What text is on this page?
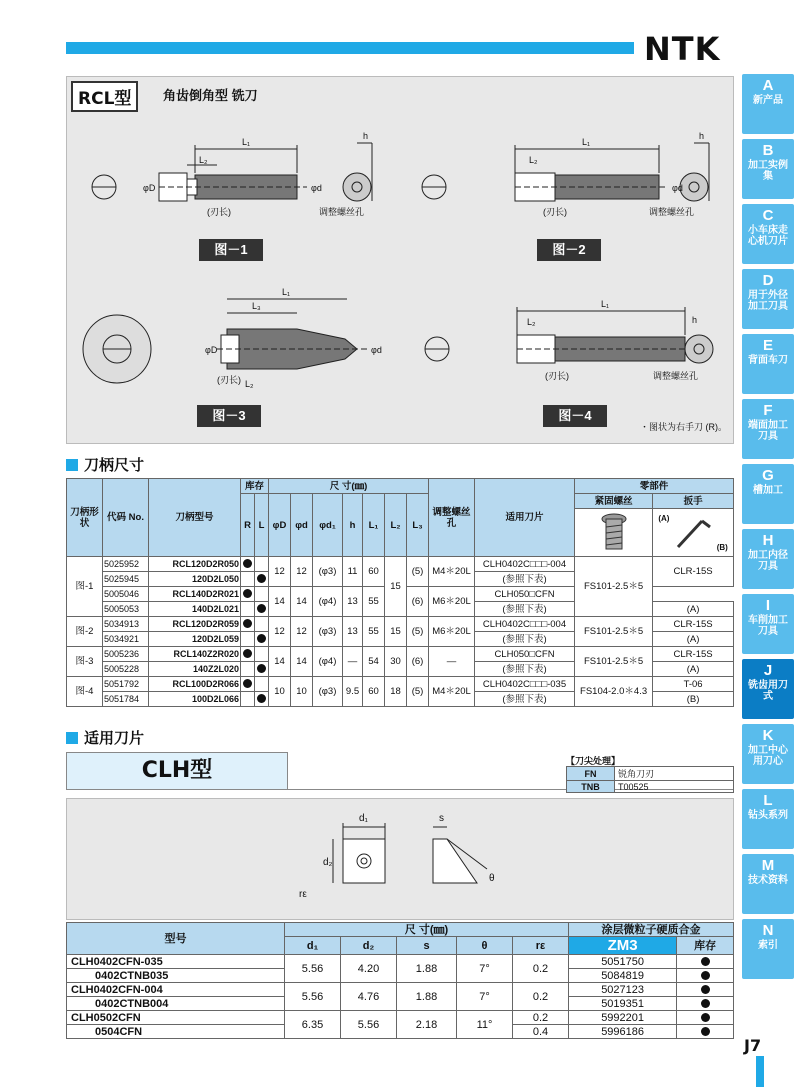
NTK
A
新产品
B
加工实例集
C
小车床走心机刀片
D
用于外径加工刀具
E
背面车刀
F
端面加工刀具
G
槽加工
H
加工内径刀具
I
车削加工刀具
J
铣齿用刀式
K
加工中心用刀心
L
钻头系列
M
技术资料
N
索引
L₁
L₂
φD	φd
(刃长)	调整螺丝孔
h
L₁
L₂
φd
(刃长)	调整螺丝孔
h
L₁
L₃
φD	φd
(刃长) L₂
L₁
L₂
(刃长)	调整螺丝孔
h
RCL型	角齿倒角型 铣刀
图－1	图－2
图－3	图－4
・图状为右手刀 (R)。
刀柄尺寸
刀柄形状	代码 No.	刀柄型号	库存		尺 寸(㎜)							调整螺丝孔	适用刀片	零部件	
			R	L	φD	φd	φd₁	h	L₁	L₂	L₃			紧固螺丝	扳手
	$^{(A)}$  (B)
图-1	5025952	RCL120D2R050			12	12	(φ3)	11	60	15	(5)	M4＊20L	CLH0402C□□□-004	FS101-2.5＊5	CLR-15S
	5025945	120D2L050											(参照下表)		
	5005046	RCL140D2R021			14	14	(φ4)	13	55		(6)	M6＊20L	CLH050□CFN		
	5005053	140D2L021											(参照下表)		(A)
图-2	5034913	RCL120D2R059			12	12	(φ3)	13	55	15	(5)	M6＊20L	CLH0402C□□□-004	FS101-2.5＊5	CLR-15S
	5034921	120D2L059											(参照下表)		(A)
图-3	5005236	RCL140Z2R020			14	14	(φ4)	—	54	30	(6)	—	CLH050□CFN	FS101-2.5＊5	CLR-15S
	5005228	140Z2L020											(参照下表)		(A)
图-4	5051792	RCL100D2R066			10	10	(φ3)	9.5	60	18	(5)	M4＊20L	CLH0402C□□□-035	FS104-2.0＊4.3	T-06
	5051784	100D2L066											(参照下表)		(B)
适用刀片
CLH型	【刀尖处理】
FN	锐角刀刃
TNB	T00525
d₁
d₂
s
θ
rε
型号	尺 寸(㎜)					涂层微粒子硬质合金	
	d₁	d₂	s	θ	rε	ZM3	库存
CLH0402CFN-035	5.56	4.20	1.88	7°	0.2	5051750	
0402CTNB035						5084819	
CLH0402CFN-004	5.56	4.76	1.88	7°	0.2	5027123	
0402CTNB004						5019351	
CLH0502CFN	6.35	5.56	2.18	11°	0.2	5992201	
0504CFN					0.4	5996186	
J7
